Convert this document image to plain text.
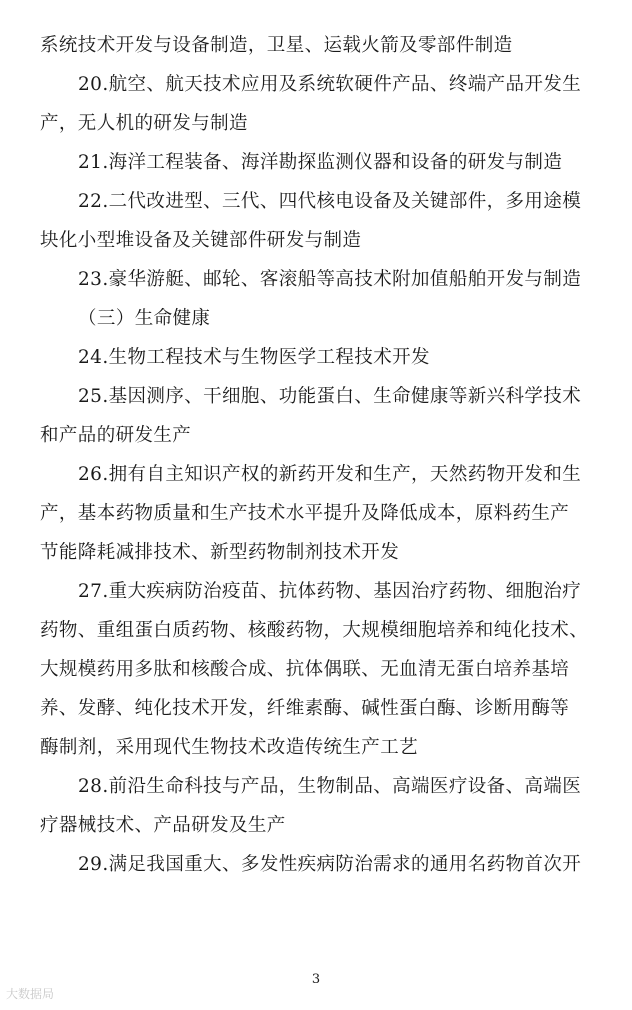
系统技术开发与设备制造，卫星、运载火箭及零部件制造
20.航空、航天技术应用及系统软硬件产品、终端产品开发生
产，无人机的研发与制造
21.海洋工程装备、海洋勘探监测仪器和设备的研发与制造
22.二代改进型、三代、四代核电设备及关键部件，多用途模
块化小型堆设备及关键部件研发与制造
23.豪华游艇、邮轮、客滚船等高技术附加值船舶开发与制造
（三）生命健康
24.生物工程技术与生物医学工程技术开发
25.基因测序、干细胞、功能蛋白、生命健康等新兴科学技术
和产品的研发生产
26.拥有自主知识产权的新药开发和生产，天然药物开发和生
产，基本药物质量和生产技术水平提升及降低成本，原料药生产
节能降耗减排技术、新型药物制剂技术开发
27.重大疾病防治疫苗、抗体药物、基因治疗药物、细胞治疗
药物、重组蛋白质药物、核酸药物，大规模细胞培养和纯化技术、
大规模药用多肽和核酸合成、抗体偶联、无血清无蛋白培养基培
养、发酵、纯化技术开发，纤维素酶、碱性蛋白酶、诊断用酶等
酶制剂，采用现代生物技术改造传统生产工艺
28.前沿生命科技与产品，生物制品、高端医疗设备、高端医
疗器械技术、产品研发及生产
29.满足我国重大、多发性疾病防治需求的通用名药物首次开
3
大数据局
